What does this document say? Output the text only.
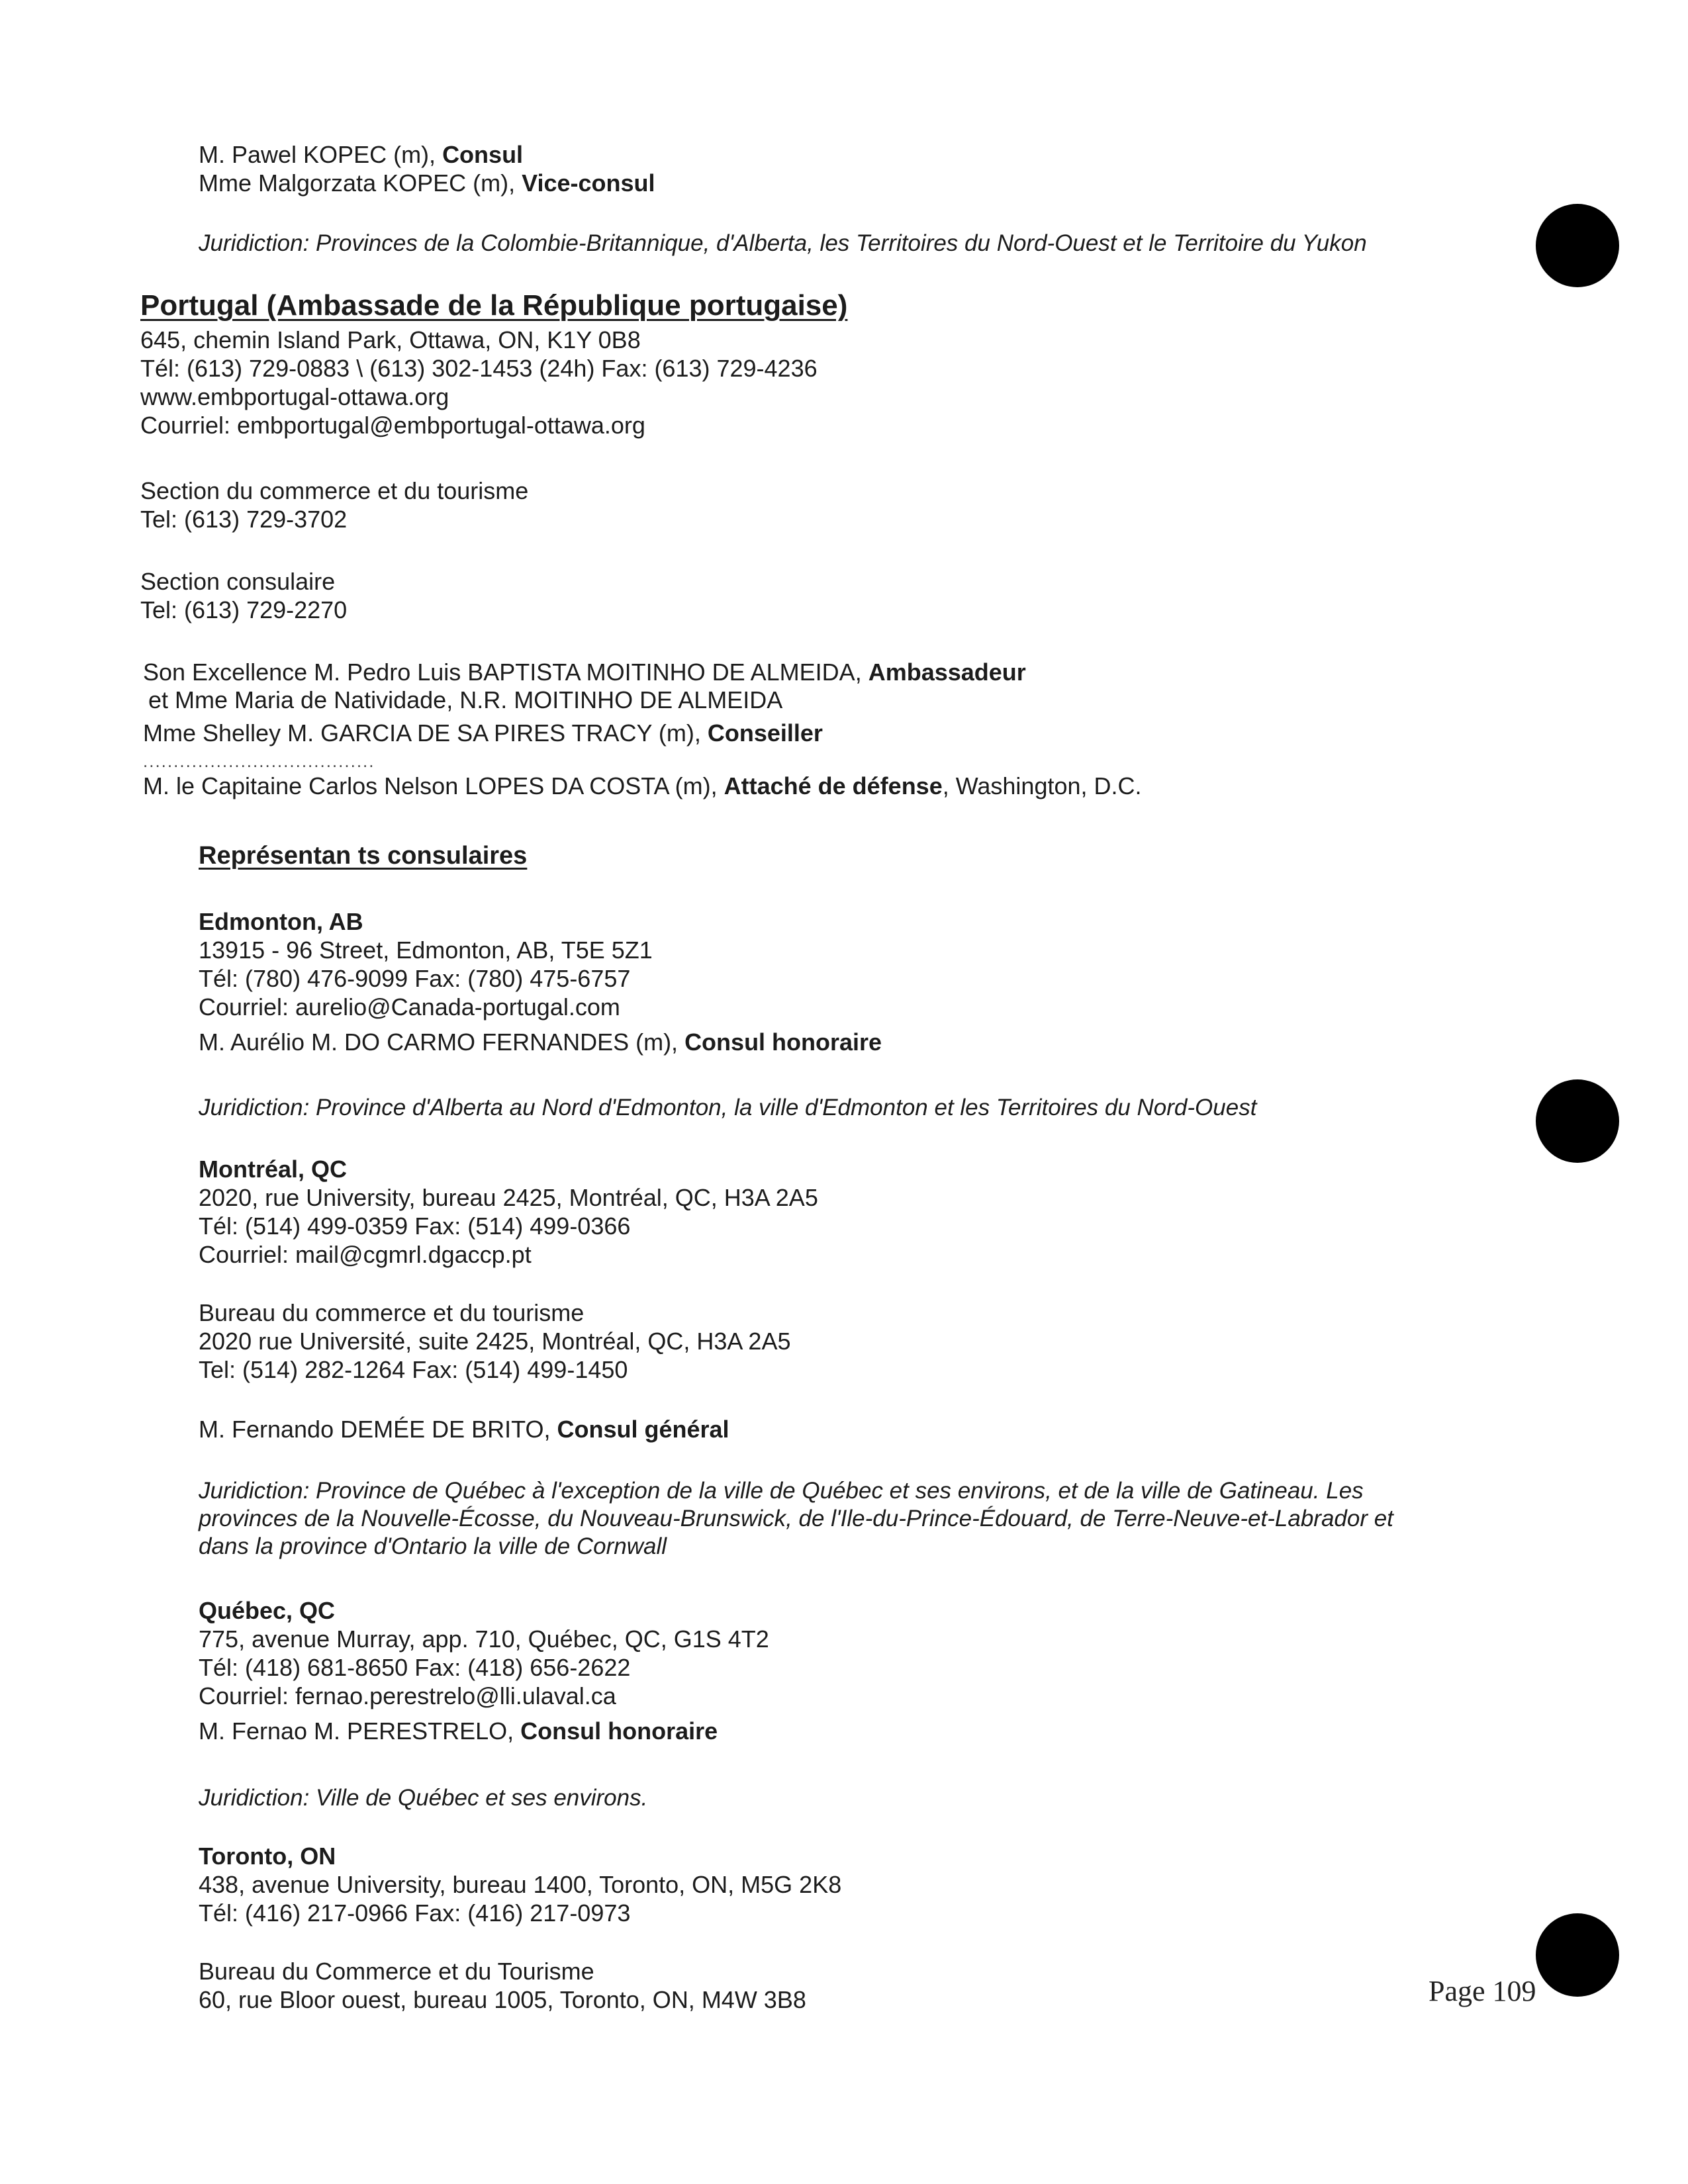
M. Pawel KOPEC (m), Consul
Mme Malgorzata KOPEC (m), Vice-consul
Juridiction: Provinces de la Colombie-Britannique, d'Alberta, les Territoires du Nord-Ouest et le Territoire du Yukon
Portugal (Ambassade de la République portugaise)
645, chemin Island Park, Ottawa, ON, K1Y 0B8
Tél: (613) 729-0883 \ (613) 302-1453 (24h) Fax: (613) 729-4236
www.embportugal-ottawa.org
Courriel: embportugal@embportugal-ottawa.org
Section du commerce et du tourisme
Tel: (613) 729-3702
Section consulaire
Tel: (613) 729-2270
Son Excellence M. Pedro Luis BAPTISTA MOITINHO DE ALMEIDA, Ambassadeur
et Mme Maria de Natividade, N.R. MOITINHO DE ALMEIDA
Mme Shelley M. GARCIA DE SA PIRES TRACY (m), Conseiller
......................................
M. le Capitaine Carlos Nelson LOPES DA COSTA (m), Attaché de défense, Washington, D.C.
Représentan ts consulaires
Edmonton, AB
13915 - 96 Street, Edmonton, AB, T5E 5Z1
Tél: (780) 476-9099 Fax: (780) 475-6757
Courriel: aurelio@Canada-portugal.com
M. Aurélio M. DO CARMO FERNANDES (m), Consul honoraire
Juridiction: Province d'Alberta au Nord d'Edmonton, la ville d'Edmonton et les Territoires du Nord-Ouest
Montréal, QC
2020, rue University, bureau 2425, Montréal, QC, H3A 2A5
Tél: (514) 499-0359 Fax: (514) 499-0366
Courriel: mail@cgmrl.dgaccp.pt
Bureau du commerce et du tourisme
2020 rue Université, suite 2425, Montréal, QC, H3A 2A5
Tel: (514) 282-1264 Fax: (514) 499-1450
M. Fernando DEMÉE DE BRITO, Consul général
Juridiction: Province de Québec à l'exception de la ville de Québec et ses environs, et de la ville de Gatineau. Les
provinces de la Nouvelle-Écosse, du Nouveau-Brunswick, de l'Ile-du-Prince-Édouard, de Terre-Neuve-et-Labrador et
dans la province d'Ontario la ville de Cornwall
Québec, QC
775, avenue Murray, app. 710, Québec, QC, G1S 4T2
Tél: (418) 681-8650 Fax: (418) 656-2622
Courriel: fernao.perestrelo@lli.ulaval.ca
M. Fernao M. PERESTRELO, Consul honoraire
Juridiction: Ville de Québec et ses environs.
Toronto, ON
438, avenue University, bureau 1400, Toronto, ON, M5G 2K8
Tél: (416) 217-0966 Fax: (416) 217-0973
Bureau du Commerce et du Tourisme
60, rue Bloor ouest, bureau 1005, Toronto, ON, M4W 3B8	Page 109
